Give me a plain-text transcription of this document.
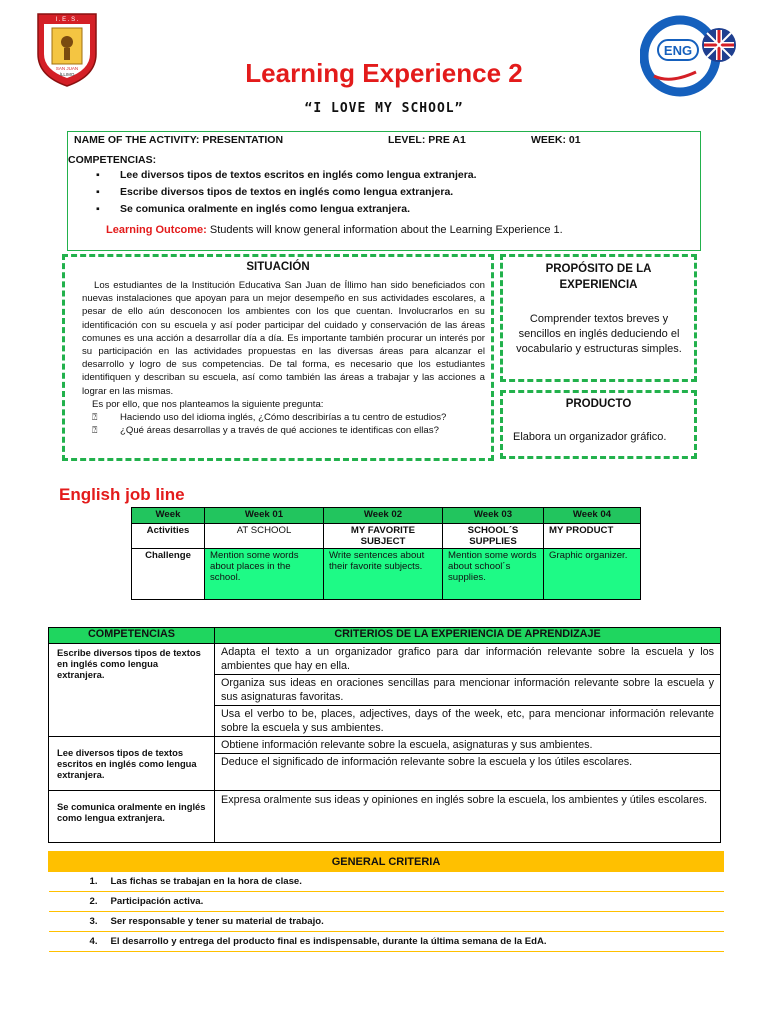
I . E . S .
SAN JUAN
ÍLLIMO
ENG
Learning Experience 2
“I LOVE MY SCHOOL”
NAME OF THE ACTIVITY: PRESENTATION	LEVEL: PRE A1	WEEK: 01
COMPETENCIAS:
▪ Lee diversos tipos de textos escritos en inglés como lengua extranjera.
▪ Escribe diversos tipos de textos en inglés como lengua extranjera.
▪ Se comunica oralmente en inglés como lengua extranjera.
Learning Outcome: Students will know general information about the Learning Experience 1.
SITUACIÓN

Los estudiantes de la Institución Educativa San Juan de Íllimo han sido beneficiados con nuevas instalaciones que apoyan para un mejor desempeño en sus actividades escolares, a pesar de ello aún desconocen los ambientes con los que cuentan. Involucrarlos en su identificación con su escuela y así poder participar del cuidado y conservación de las áreas comunes es una acción a desarrollar día a día. Es importante también procurar un interés por su participación en las actividades propuestas en las diversas áreas para alcanzar el desarrollo y logro de sus competencias. De tal forma, es necesario que los estudiantes identifiquen y describan su escuela, así como también las áreas a trabajar y las acciones a lograr en las mismas.

Es por ello, que nos planteamos la siguiente pregunta:

⍰ Haciendo uso del idioma inglés, ¿Cómo describirías a tu centro de estudios?
⍰ ¿Qué áreas desarrollas y a través de qué acciones te identificas con ellas?
PROPÓSITO DE LA EXPERIENCIA
Comprender textos breves y sencillos en inglés deduciendo el vocabulario y estructuras simples.
PRODUCTO
Elabora un organizador gráfico.
English job line
Week	Week 01	Week 02	Week 03	Week 04
Activities	AT SCHOOL	MY FAVORITE SUBJECT	SCHOOL´S SUPPLIES	MY PRODUCT
Challenge	Mention some words about places in the school.	Write sentences about their favorite subjects.	Mention some words about school´s supplies.	Graphic organizer.
COMPETENCIAS	CRITERIOS DE LA EXPERIENCIA DE APRENDIZAJE
Escribe diversos tipos de textos en inglés como lengua extranjera.	Adapta el texto a un organizador grafico para dar información relevante sobre la escuela y los ambientes que hay en ella.
	Organiza sus ideas en oraciones sencillas para mencionar información relevante sobre la escuela y sus asignaturas favoritas.
	Usa el verbo to be, places, adjectives, days of the week, etc, para mencionar información relevante sobre la escuela y sus ambientes.
Lee diversos tipos de textos escritos en inglés como lengua extranjera.	Obtiene información relevante sobre la escuela, asignaturas y sus ambientes.
	Deduce el significado de información relevante sobre la escuela y los útiles escolares.
Se comunica oralmente en inglés como lengua extranjera.	Expresa oralmente sus ideas y opiniones en inglés sobre la escuela, los ambientes y útiles escolares.
GENERAL CRITERIA	
1.	Las fichas se trabajan en la hora de clase.
2.	Participación activa.
3.	Ser responsable y tener su material de trabajo.
4.	El desarrollo y entrega del producto final es indispensable, durante la última semana de la EdA.
